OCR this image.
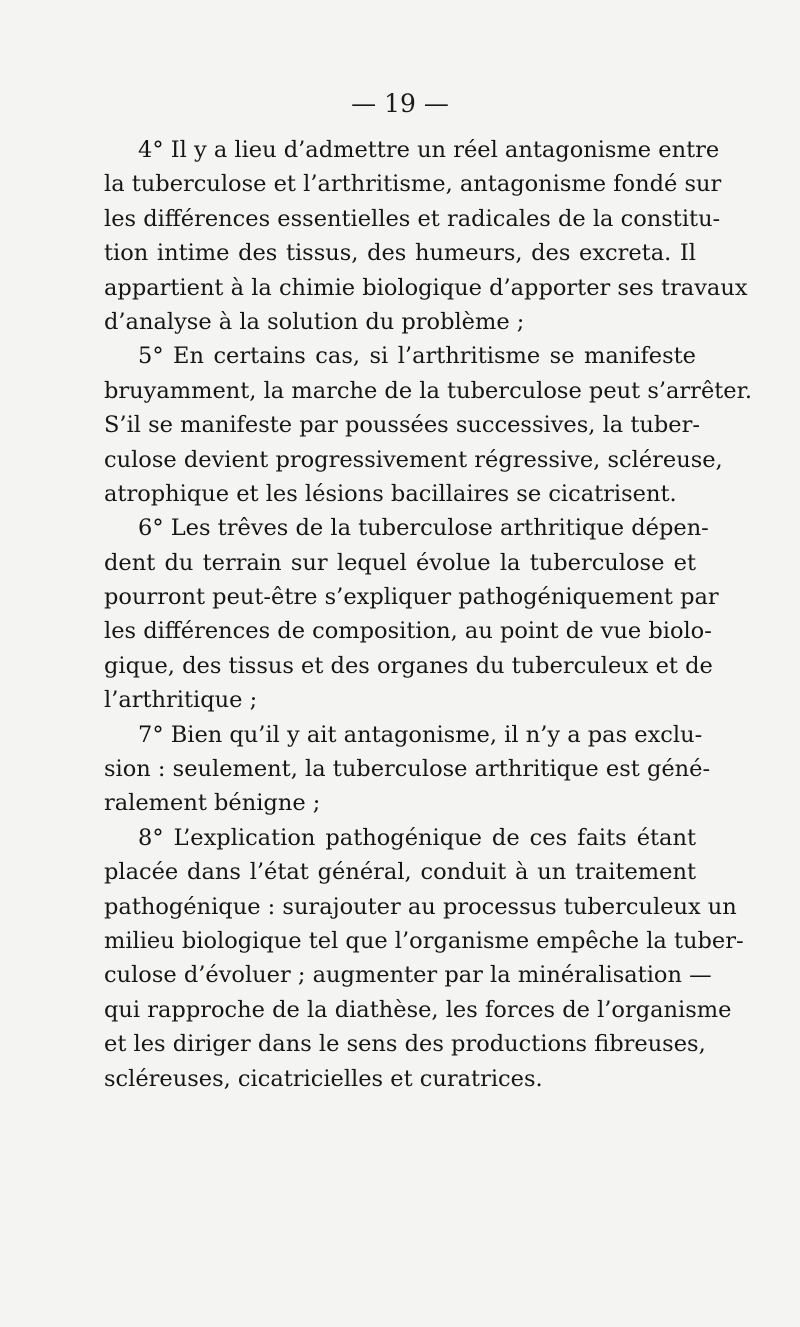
— 19 —
4° Il y a lieu d’admettre un réel antagonisme entre
la tuberculose et l’arthritisme, antagonisme fondé sur
les différences essentielles et radicales de la constitu-
tion intime des tissus, des humeurs, des excreta. Il
appartient à la chimie biologique d’apporter ses travaux
d’analyse à la solution du problème ;
5° En certains cas, si l’arthritisme se manifeste
bruyamment, la marche de la tuberculose peut s’arrêter.
S’il se manifeste par poussées successives, la tuber-
culose devient progressivement régressive, scléreuse,
atrophique et les lésions bacillaires se cicatrisent.
6° Les trêves de la tuberculose arthritique dépen-
dent du terrain sur lequel évolue la tuberculose et
pourront peut-être s’expliquer pathogéniquement par
les différences de composition, au point de vue biolo-
gique, des tissus et des organes du tuberculeux et de
l’arthritique ;
7° Bien qu’il y ait antagonisme, il n’y a pas exclu-
sion : seulement, la tuberculose arthritique est géné-
ralement bénigne ;
8° L’explication pathogénique de ces faits étant
placée dans l’état général, conduit à un traitement
pathogénique : surajouter au processus tuberculeux un
milieu biologique tel que l’organisme empêche la tuber-
culose d’évoluer ; augmenter par la minéralisation —
qui rapproche de la diathèse, les forces de l’organisme
et les diriger dans le sens des productions fibreuses,
scléreuses, cicatricielles et curatrices.
